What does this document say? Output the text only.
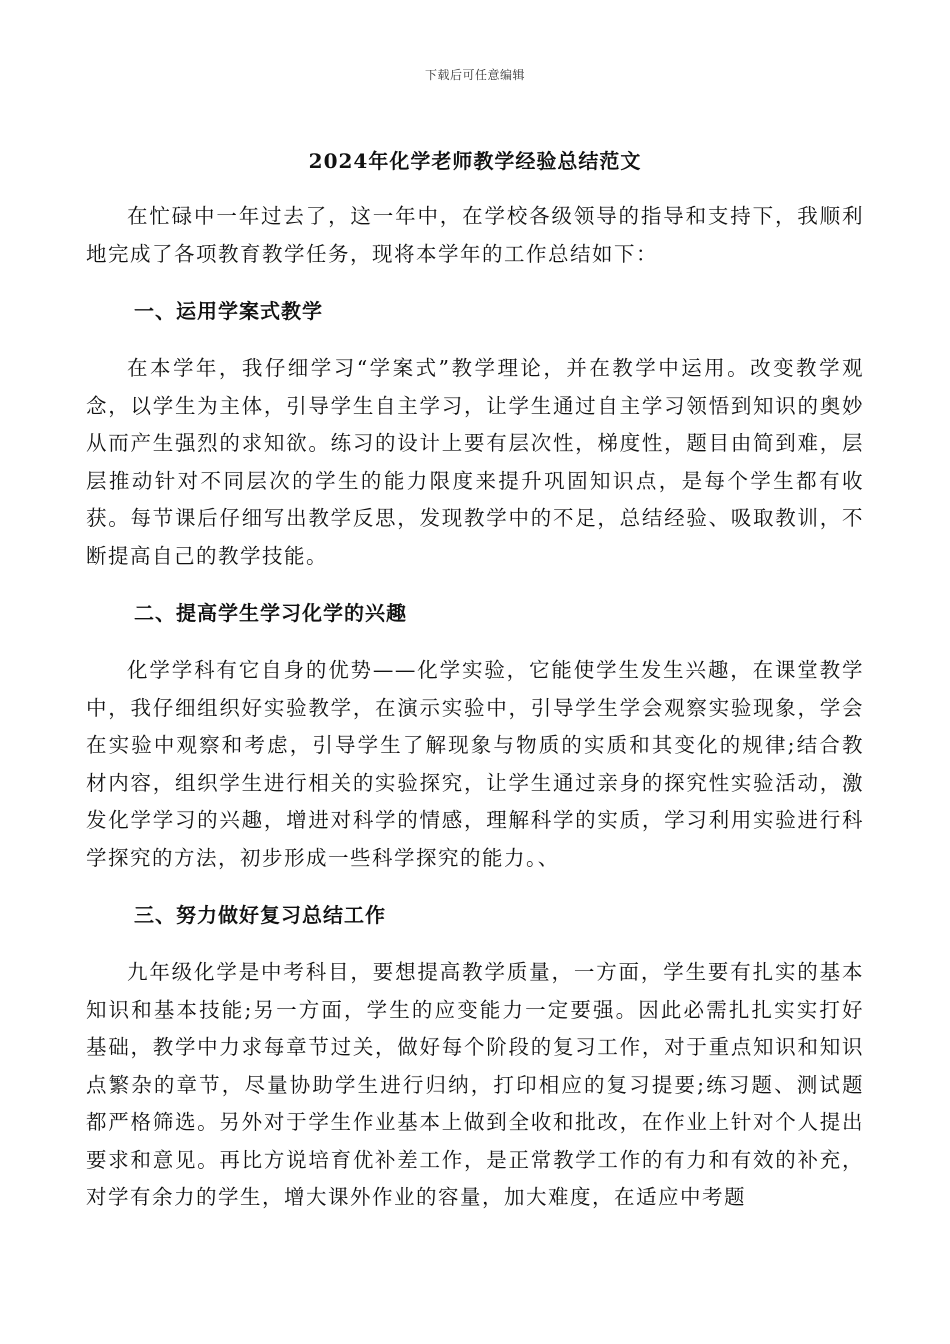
下载后可任意编辑
2024年化学老师教学经验总结范文

在忙碌中一年过去了，这一年中，在学校各级领导的指导和支持下，我顺利地完成了各项教育教学任务，现将本学年的工作总结如下：

一、运用学案式教学

在本学年，我仔细学习“学案式”教学理论，并在教学中运用。改变教学观念，以学生为主体，引导学生自主学习，让学生通过自主学习领悟到知识的奥妙从而产生强烈的求知欲。练习的设计上要有层次性，梯度性，题目由简到难，层层推动针对不同层次的学生的能力限度来提升巩固知识点，是每个学生都有收获。每节课后仔细写出教学反思，发现教学中的不足，总结经验、吸取教训，不断提高自己的教学技能。

二、提高学生学习化学的兴趣

化学学科有它自身的优势——化学实验，它能使学生发生兴趣，在课堂教学中，我仔细组织好实验教学，在演示实验中，引导学生学会观察实验现象，学会在实验中观察和考虑，引导学生了解现象与物质的实质和其变化的规律;结合教材内容，组织学生进行相关的实验探究，让学生通过亲身的探究性实验活动，激发化学学习的兴趣，增进对科学的情感，理解科学的实质，学习利用实验进行科学探究的方法，初步形成一些科学探究的能力。、

三、努力做好复习总结工作

九年级化学是中考科目，要想提高教学质量，一方面，学生要有扎实的基本知识和基本技能;另一方面，学生的应变能力一定要强。因此必需扎扎实实打好基础，教学中力求每章节过关，做好每个阶段的复习工作，对于重点知识和知识点繁杂的章节，尽量协助学生进行归纳，打印相应的复习提要;练习题、测试题都严格筛选。另外对于学生作业基本上做到全收和批改，在作业上针对个人提出要求和意见。再比方说培育优补差工作，是正常教学工作的有力和有效的补充，对学有余力的学生，增大课外作业的容量，加大难度，在适应中考题
